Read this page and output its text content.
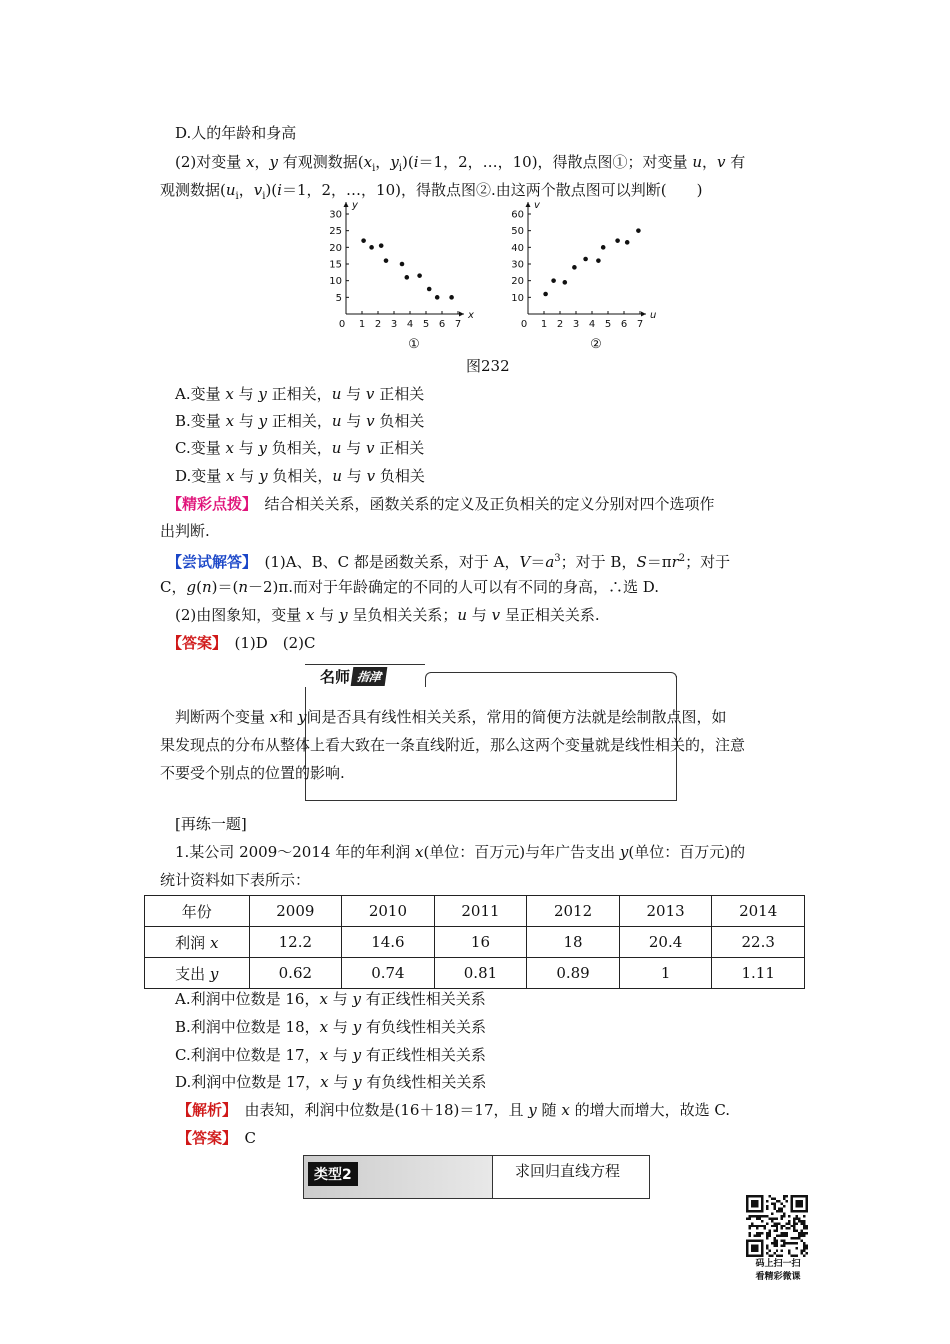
D.人的年龄和身高
(2)对变量 x，y 有观测数据($x_i$，$y_i)(i=1$，2，…，10)，得散点图①；对变量 u，v 有
观测数据($u_i$，$v_i)(i=1$，2，…，10)，得散点图②.由这两个散点图可以判断(　　)
0 1 2 3 4 5 6 7
5
10
15
20
25
30
x
y
①
0 1 2 3 4 5 6 7
10
20
30
40
50
60
u
v
②
图232
A.变量 x 与 y 正相关，u 与 v 正相关
B.变量 x 与 y 正相关，u 与 v 负相关
C.变量 x 与 y 负相关，u 与 v 正相关
D.变量 x 与 y 负相关，u 与 v 负相关
【精彩点拨】　结合相关关系，函数关系的定义及正负相关的定义分别对四个选项作
出判断.
【尝试解答】　(1)A、B、C 都是函数关系，对于 A，$V=a^3$；对于 B，$S=\pi r^2$；对于
C，g(n)＝(n－2)π.而对于年龄确定的不同的人可以有不同的身高，∴选 D.
(2)由图象知，变量 x 与 y 呈负相关关系；u 与 v 呈正相关关系.
【答案】　(1)D　(2)C
名师 指津
判断两个变量 x和 y间是否具有线性相关关系，常用的简便方法就是绘制散点图，如
果发现点的分布从整体上看大致在一条直线附近，那么这两个变量就是线性相关的，注意
不要受个别点的位置的影响.
[再练一题]
1.某公司 2009～2014 年的年利润 x(单位：百万元)与年广告支出 y(单位：百万元)的
统计资料如下表所示：
年份	2009	2010	2011	2012	2013	2014
利润 x	12.2	14.6	16	18	20.4	22.3
支出 y	0.62	0.74	0.81	0.89	1	1.11
A.利润中位数是 16，x 与 y 有正线性相关关系
B.利润中位数是 18，x 与 y 有负线性相关关系
C.利润中位数是 17，x 与 y 有正线性相关关系
D.利润中位数是 17，x 与 y 有负线性相关关系
【解析】　由表知，利润中位数是(16＋18)＝17，且 y 随 x 的增大而增大，故选 C.
【答案】　C
类型2	求回归直线方程
码上扫一扫
看精彩微课
